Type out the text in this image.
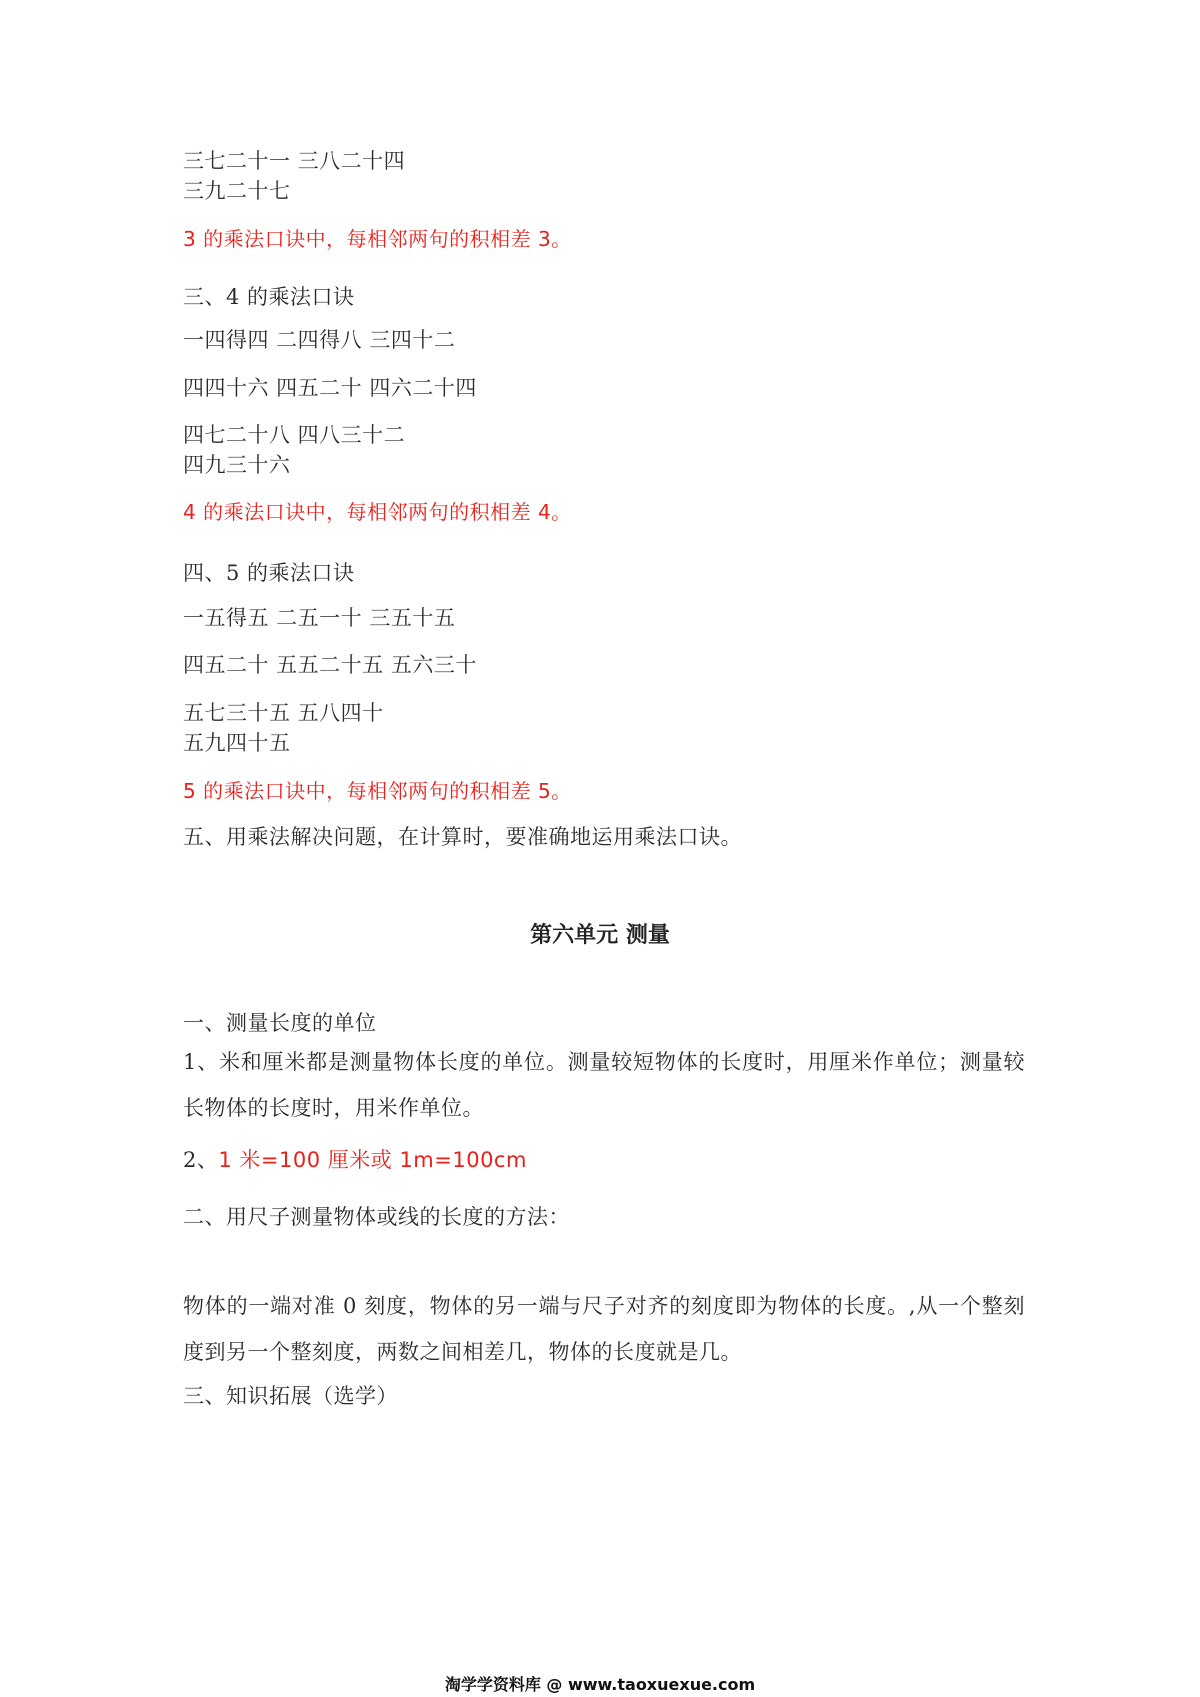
三七二十一 三八二十四
三九二十七
3 的乘法口诀中，每相邻两句的积相差 3。
三、4 的乘法口诀
一四得四 二四得八 三四十二
四四十六 四五二十 四六二十四
四七二十八 四八三十二
四九三十六
4 的乘法口诀中，每相邻两句的积相差 4。
四、5 的乘法口诀
一五得五 二五一十 三五十五
四五二十 五五二十五 五六三十
五七三十五 五八四十
五九四十五
5 的乘法口诀中，每相邻两句的积相差 5。
五、用乘法解决问题，在计算时，要准确地运用乘法口诀。
第六单元 测量
一、测量长度的单位
1、米和厘米都是测量物体长度的单位。测量较短物体的长度时，用厘米作单位；测量较长物体的长度时，用米作单位。
2、1 米=100 厘米或 1m=100cm
二、用尺子测量物体或线的长度的方法：
物体的一端对准 0 刻度，物体的另一端与尺子对齐的刻度即为物体的长度。,从一个整刻度到另一个整刻度，两数之间相差几，物体的长度就是几。
三、知识拓展（选学）
淘学学资料库 @ www.taoxuexue.com
